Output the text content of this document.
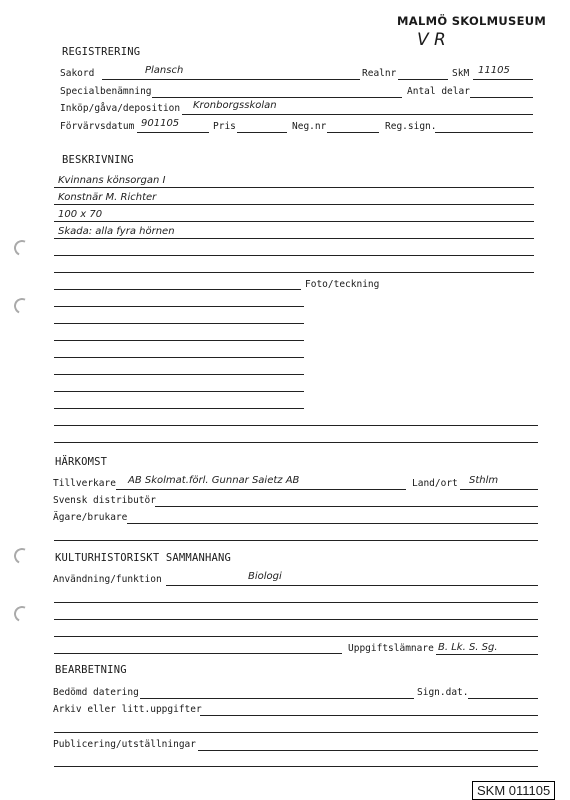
MALMÖ SKOLMUSEUM
V R
REGISTRERING
Sakord	Plansch	Realnr	SkM 11105
Specialbenämning	Antal delar
Inköp/gåva/deposition Kronborgsskolan
Förvärvsdatum 901105	Pris	Neg.nr	Reg.sign.
BESKRIVNING
Kvinnans könsorgan I
Konstnär M. Richter
100 x 70
Skada: alla fyra hörnen
Foto/teckning
HÄRKOMST
Tillverkare AB Skolmat.förl. Gunnar Saietz AB	Land/ort Sthlm
Svensk distributör
Ägare/brukare
KULTURHISTORISKT SAMMANHANG
Användning/funktion	Biologi
Uppgiftslämnare B. Lk. S. Sg.
BEARBETNING
Bedömd datering	Sign.dat.
Arkiv eller litt.uppgifter
Publicering/utställningar
SKM 011105
